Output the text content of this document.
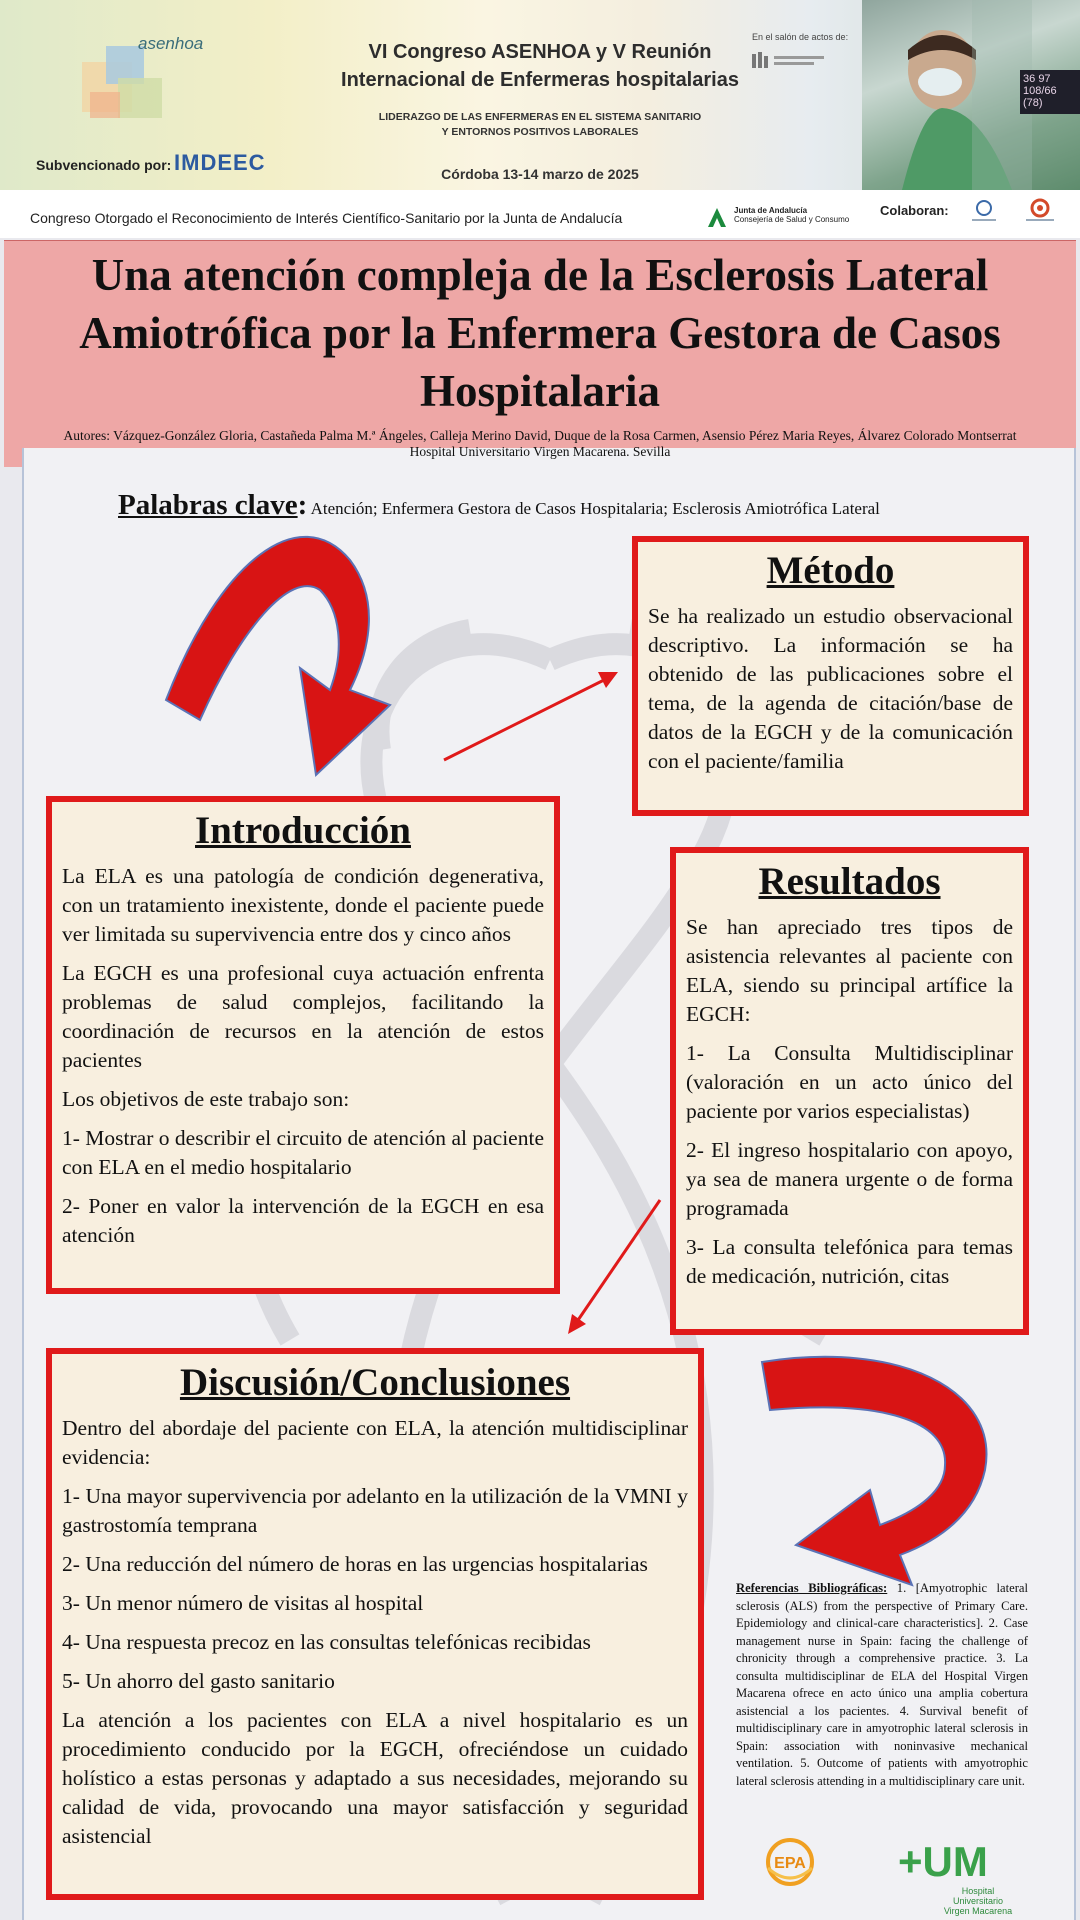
asenhoa	VI Congreso ASENHOA y V Reunión
Internacional de Enfermeras hospitalarias
LIDERAZGO DE LAS ENFERMERAS EN EL SISTEMA SANITARIO
Y ENTORNOS POSITIVOS LABORALES
Córdoba 13-14 marzo de 2025
Subvencionado por: IMDEEC
En el salón de actos de:
36 97
108/66
(78)
Congreso Otorgado el Reconocimiento de Interés Científico-Sanitario por la Junta de Andalucía	Junta de Andalucía
Consejería de Salud y Consumo
Colaboran:
Una atención compleja de la Esclerosis Lateral
Amiotrófica por la Enfermera Gestora de Casos
Hospitalaria
Autores: Vázquez-González Gloria, Castañeda Palma M.ª Ángeles, Calleja Merino David, Duque de la Rosa Carmen, Asensio Pérez Maria Reyes, Álvarez Colorado Montserrat
Hospital Universitario Virgen Macarena. Sevilla
Palabras clave: Atención; Enfermera Gestora de Casos Hospitalaria; Esclerosis Amiotrófica Lateral
Método

Se ha realizado un estudio observacional descriptivo. La información se ha obtenido de las publicaciones sobre el tema, de la agenda de citación/base de datos de la EGCH y de la comunicación con el paciente/familia

Introducción

La ELA es una patología de condición degenerativa, con un tratamiento inexistente, donde el paciente puede ver limitada su supervivencia entre dos y cinco años

La EGCH es una profesional cuya actuación enfrenta problemas de salud complejos, facilitando la coordinación de recursos en la atención de estos pacientes

Los objetivos de este trabajo son:

1- Mostrar o describir el circuito de atención al paciente con ELA en el medio hospitalario

2- Poner en valor la intervención de la EGCH en esa atención

Resultados

Se han apreciado tres tipos de asistencia relevantes al paciente con ELA, siendo su principal artífice la EGCH:

1- La Consulta Multidisciplinar (valoración en un acto único del paciente por varios especialistas)

2- El ingreso hospitalario con apoyo, ya sea de manera urgente o de forma programada

3- La consulta telefónica para temas de medicación, nutrición, citas

Discusión/Conclusiones

Dentro del abordaje del paciente con ELA, la atención multidisciplinar evidencia:

1- Una mayor supervivencia por adelanto en la utilización de la VMNI y gastrostomía temprana

2- Una reducción del número de horas en las urgencias hospitalarias

3- Un menor número de visitas al hospital

4- Una respuesta precoz en las consultas telefónicas recibidas

5- Un ahorro del gasto sanitario

La atención a los pacientes con ELA a nivel hospitalario es un procedimiento conducido por la EGCH, ofreciéndose un cuidado holístico a estas personas y adaptado a sus necesidades, mejorando su calidad de vida, provocando una mayor satisfacción y seguridad asistencial

Referencias Bibliográficas: 1. [Amyotrophic lateral sclerosis (ALS) from the perspective of Primary Care. Epidemiology and clinical-care characteristics]. 2. Case management nurse in Spain: facing the challenge of chronicity through a comprehensive practice. 3. La consulta multidisciplinar de ELA del Hospital Virgen Macarena ofrece en acto único una amplia cobertura asistencial a los pacientes. 4. Survival benefit of multidisciplinary care in amyotrophic lateral sclerosis in Spain: association with noninvasive mechanical ventilation. 5. Outcome of patients with amyotrophic lateral sclerosis attending in a multidisciplinary care unit.
EPA +UM
Hospital Universitario
Virgen Macarena
